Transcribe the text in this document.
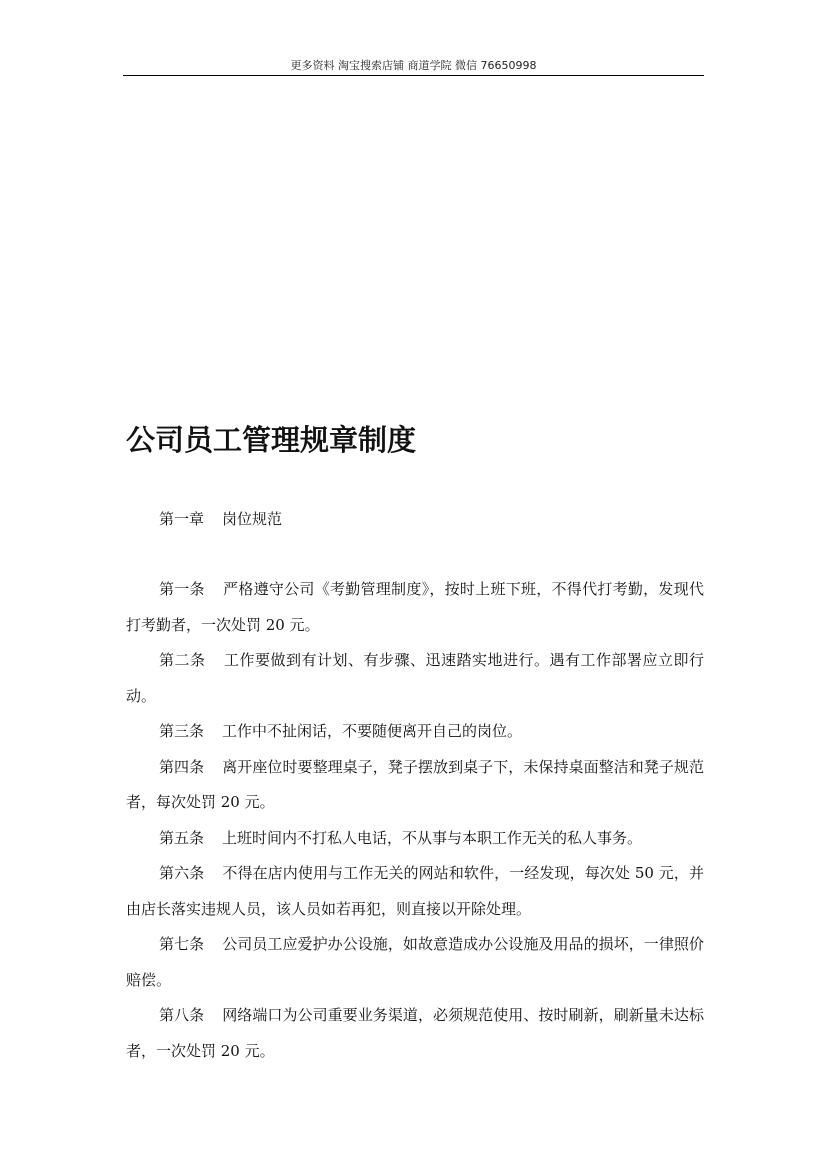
更多资料 淘宝搜索店铺 商道学院 微信 76650998
公司员工管理规章制度
第一章 岗位规范

第一条 严格遵守公司《考勤管理制度》，按时上班下班，不得代打考勤，发现代打考勤者，一次处罚 20 元。

第二条 工作要做到有计划、有步骤、迅速踏实地进行。遇有工作部署应立即行动。

第三条 工作中不扯闲话，不要随便离开自己的岗位。

第四条 离开座位时要整理桌子，凳子摆放到桌子下，未保持桌面整洁和凳子规范者，每次处罚 20 元。

第五条 上班时间内不打私人电话，不从事与本职工作无关的私人事务。

第六条 不得在店内使用与工作无关的网站和软件，一经发现，每次处 50 元，并由店长落实违规人员，该人员如若再犯，则直接以开除处理。

第七条 公司员工应爱护办公设施，如故意造成办公设施及用品的损坏，一律照价赔偿。

第八条 网络端口为公司重要业务渠道，必须规范使用、按时刷新，刷新量未达标者，一次处罚 20 元。
